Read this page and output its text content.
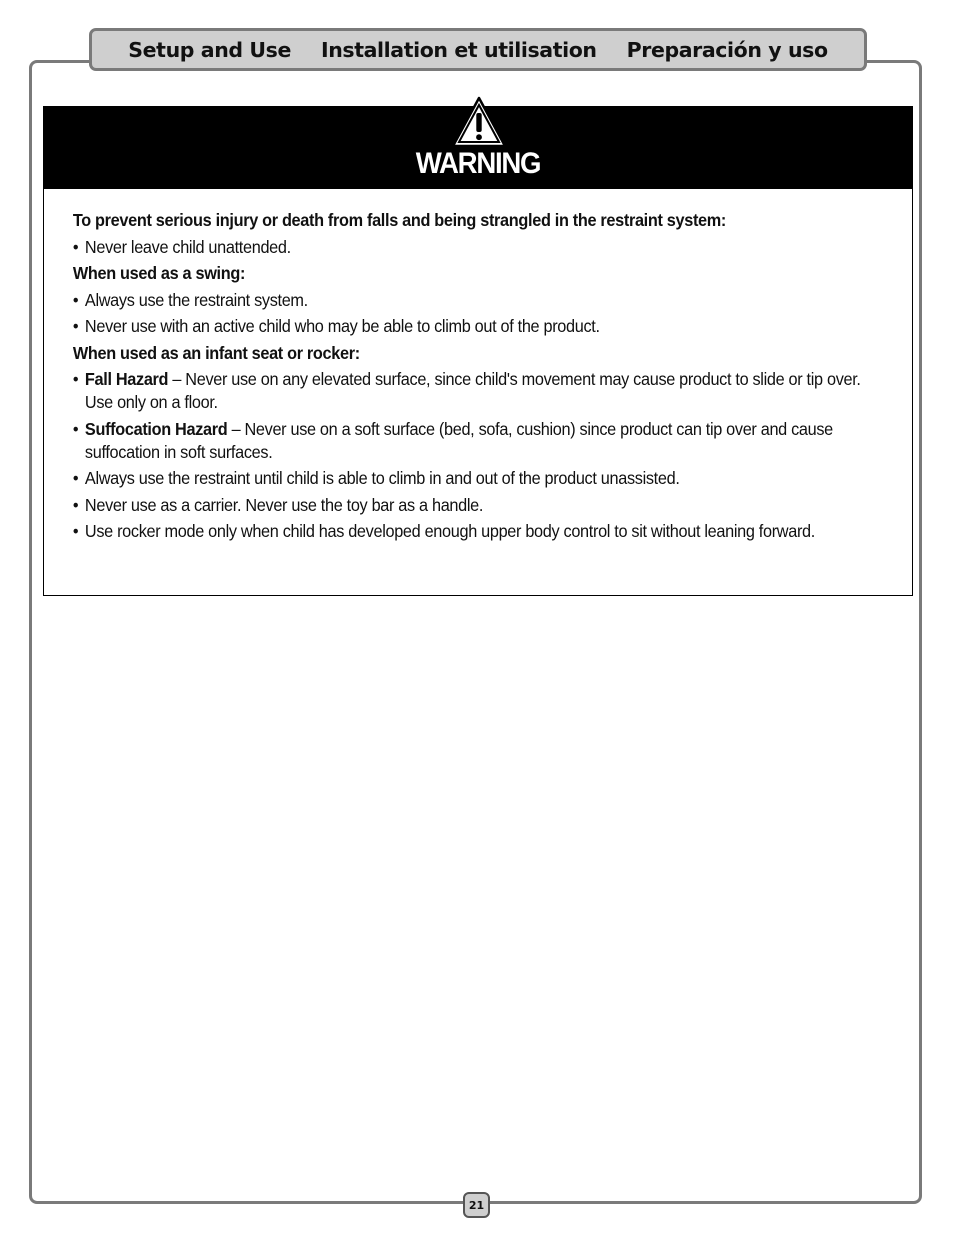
Setup and Use Installation et utilisation Preparación y uso
WARNING

To prevent serious injury or death from falls and being strangled in the restraint system:

• Never leave child unattended.

When used as a swing:

• Always use the restraint system.

• Never use with an active child who may be able to climb out of the product.

When used as an infant seat or rocker:

• Fall Hazard – Never use on any elevated surface, since child's movement may cause product to slide or tip over. Use only on a floor.

• Suffocation Hazard – Never use on a soft surface (bed, sofa, cushion) since product can tip over and cause suffocation in soft surfaces.

• Always use the restraint until child is able to climb in and out of the product unassisted.

• Never use as a carrier. Never use the toy bar as a handle.

• Use rocker mode only when child has developed enough upper body control to sit without leaning forward.

21
